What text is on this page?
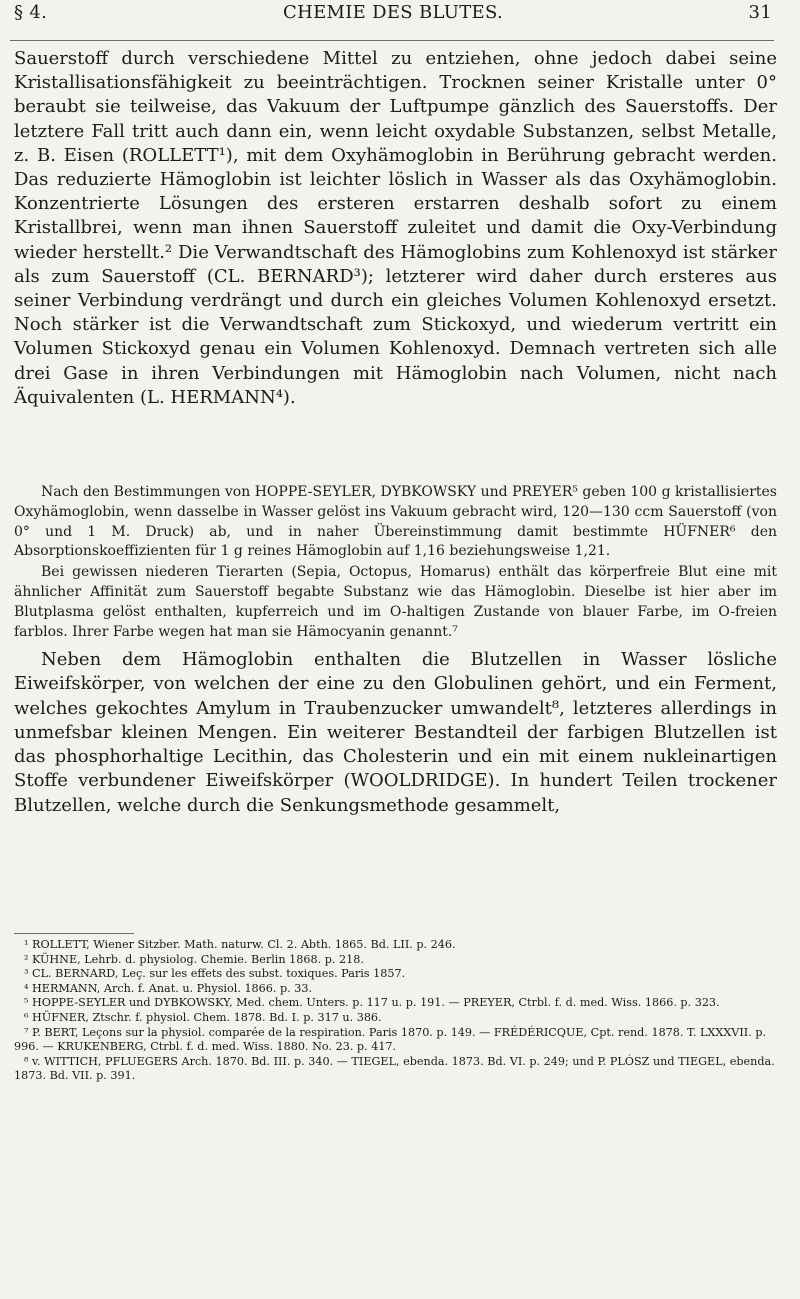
§ 4.	CHEMIE DES BLUTES.	31

Sauerstoff durch verschiedene Mittel zu entziehen, ohne jedoch dabei seine Kristallisationsfähigkeit zu beeinträchtigen. Trocknen seiner Kristalle unter 0° beraubt sie teilweise, das Vakuum der Luftpumpe gänzlich des Sauerstoffs. Der letztere Fall tritt auch dann ein, wenn leicht oxydable Substanzen, selbst Metalle, z. B. Eisen (ROLLETT¹), mit dem Oxyhämoglobin in Berührung gebracht werden. Das reduzierte Hämoglobin ist leichter löslich in Wasser als das Oxyhämoglobin. Konzentrierte Lösungen des ersteren erstarren deshalb sofort zu einem Kristallbrei, wenn man ihnen Sauerstoff zuleitet und damit die Oxy-Verbindung wieder herstellt.² Die Verwandtschaft des Hämoglobins zum Kohlenoxyd ist stärker als zum Sauerstoff (CL. BERNARD³); letzterer wird daher durch ersteres aus seiner Verbindung verdrängt und durch ein gleiches Volumen Kohlenoxyd ersetzt. Noch stärker ist die Verwandtschaft zum Stickoxyd, und wiederum vertritt ein Volumen Stickoxyd genau ein Volumen Kohlenoxyd. Demnach vertreten sich alle drei Gase in ihren Verbindungen mit Hämoglobin nach Volumen, nicht nach Äquivalenten (L. HERMANN⁴).

Nach den Bestimmungen von HOPPE-SEYLER, DYBKOWSKY und PREYER⁵ geben 100 g kristallisiertes Oxyhämoglobin, wenn dasselbe in Wasser gelöst ins Vakuum gebracht wird, 120—130 ccm Sauerstoff (von 0° und 1 M. Druck) ab, und in naher Übereinstimmung damit bestimmte HÜFNER⁶ den Absorptionskoeffizienten für 1 g reines Hämoglobin auf 1,16 beziehungsweise 1,21.

Bei gewissen niederen Tierarten (Sepia, Octopus, Homarus) enthält das körperfreie Blut eine mit ähnlicher Affinität zum Sauerstoff begabte Substanz wie das Hämoglobin. Dieselbe ist hier aber im Blutplasma gelöst enthalten, kupferreich und im O-haltigen Zustande von blauer Farbe, im O-freien farblos. Ihrer Farbe wegen hat man sie Hämocyanin genannt.⁷

Neben dem Hämoglobin enthalten die Blutzellen in Wasser lösliche Eiweifskörper, von welchen der eine zu den Globulinen gehört, und ein Ferment, welches gekochtes Amylum in Traubenzucker umwandelt⁸, letzteres allerdings in unmefsbar kleinen Mengen. Ein weiterer Bestandteil der farbigen Blutzellen ist das phosphorhaltige Lecithin, das Cholesterin und ein mit einem nukleinartigen Stoffe verbundener Eiweifskörper (WOOLDRIDGE). In hundert Teilen trockener Blutzellen, welche durch die Senkungsmethode gesammelt,

¹ ROLLETT, Wiener Sitzber. Math. naturw. Cl. 2. Abth. 1865. Bd. LII. p. 246.

² KÜHNE, Lehrb. d. physiolog. Chemie. Berlin 1868. p. 218.

³ CL. BERNARD, Leç. sur les effets des subst. toxiques. Paris 1857.

⁴ HERMANN, Arch. f. Anat. u. Physiol. 1866. p. 33.

⁵ HOPPE-SEYLER und DYBKOWSKY, Med. chem. Unters. p. 117 u. p. 191. — PREYER, Ctrbl. f. d. med. Wiss. 1866. p. 323.

⁶ HÜFNER, Ztschr. f. physiol. Chem. 1878. Bd. I. p. 317 u. 386.

⁷ P. BERT, Leçons sur la physiol. comparée de la respiration. Paris 1870. p. 149. — FRÉDÉRICQUE, Cpt. rend. 1878. T. LXXXVII. p. 996. — KRUKENBERG, Ctrbl. f. d. med. Wiss. 1880. No. 23. p. 417.

⁸ v. WITTICH, PFLUEGERS Arch. 1870. Bd. III. p. 340. — TIEGEL, ebenda. 1873. Bd. VI. p. 249; und P. PLÓSZ und TIEGEL, ebenda. 1873. Bd. VII. p. 391.
